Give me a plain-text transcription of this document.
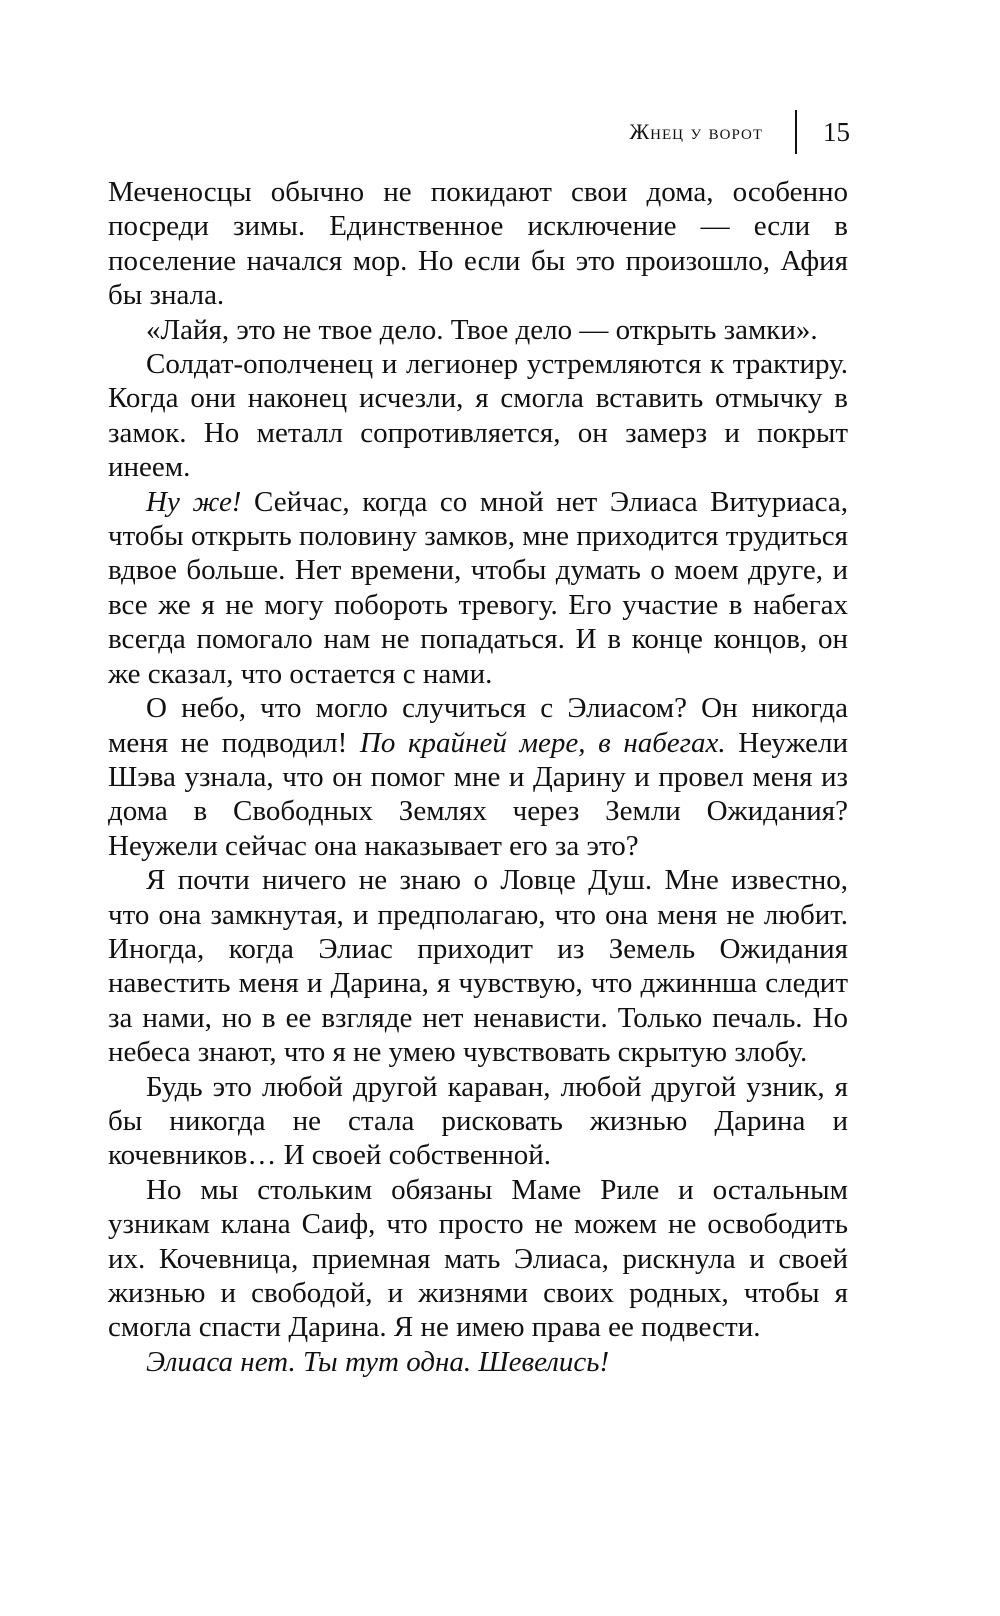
Жнец у ворот 15

Меченосцы обычно не покидают свои дома, особенно посреди зимы. Единственное исключение — если в поселение начался мор. Но если бы это произошло, Афия бы знала.

«Лайя, это не твое дело. Твое дело — открыть замки».

Солдат-ополченец и легионер устремляются к трактиру. Когда они наконец исчезли, я смогла вставить отмычку в замок. Но металл сопротивляется, он замерз и покрыт инеем.

Ну же! Сейчас, когда со мной нет Элиаса Витуриаса, чтобы открыть половину замков, мне приходится трудиться вдвое больше. Нет времени, чтобы думать о моем друге, и все же я не могу побороть тревогу. Его участие в набегах всегда помогало нам не попадаться. И в конце концов, он же сказал, что остается с нами.

О небо, что могло случиться с Элиасом? Он никогда меня не подводил! По крайней мере, в набегах. Неужели Шэва узнала, что он помог мне и Дарину и провел меня из дома в Свободных Землях через Земли Ожидания? Неужели сейчас она наказывает его за это?

Я почти ничего не знаю о Ловце Душ. Мне известно, что она замкнутая, и предполагаю, что она меня не любит. Иногда, когда Элиас приходит из Земель Ожидания навестить меня и Дарина, я чувствую, что джиннша следит за нами, но в ее взгляде нет ненависти. Только печаль. Но небеса знают, что я не умею чувствовать скрытую злобу.

Будь это любой другой караван, любой другой узник, я бы никогда не стала рисковать жизнью Дарина и кочевников… И своей собственной.

Но мы стольким обязаны Маме Риле и остальным узникам клана Саиф, что просто не можем не освободить их. Кочевница, приемная мать Элиаса, рискнула и своей жизнью и свободой, и жизнями своих родных, чтобы я смогла спасти Дарина. Я не имею права ее подвести.

Элиаса нет. Ты тут одна. Шевелись!
